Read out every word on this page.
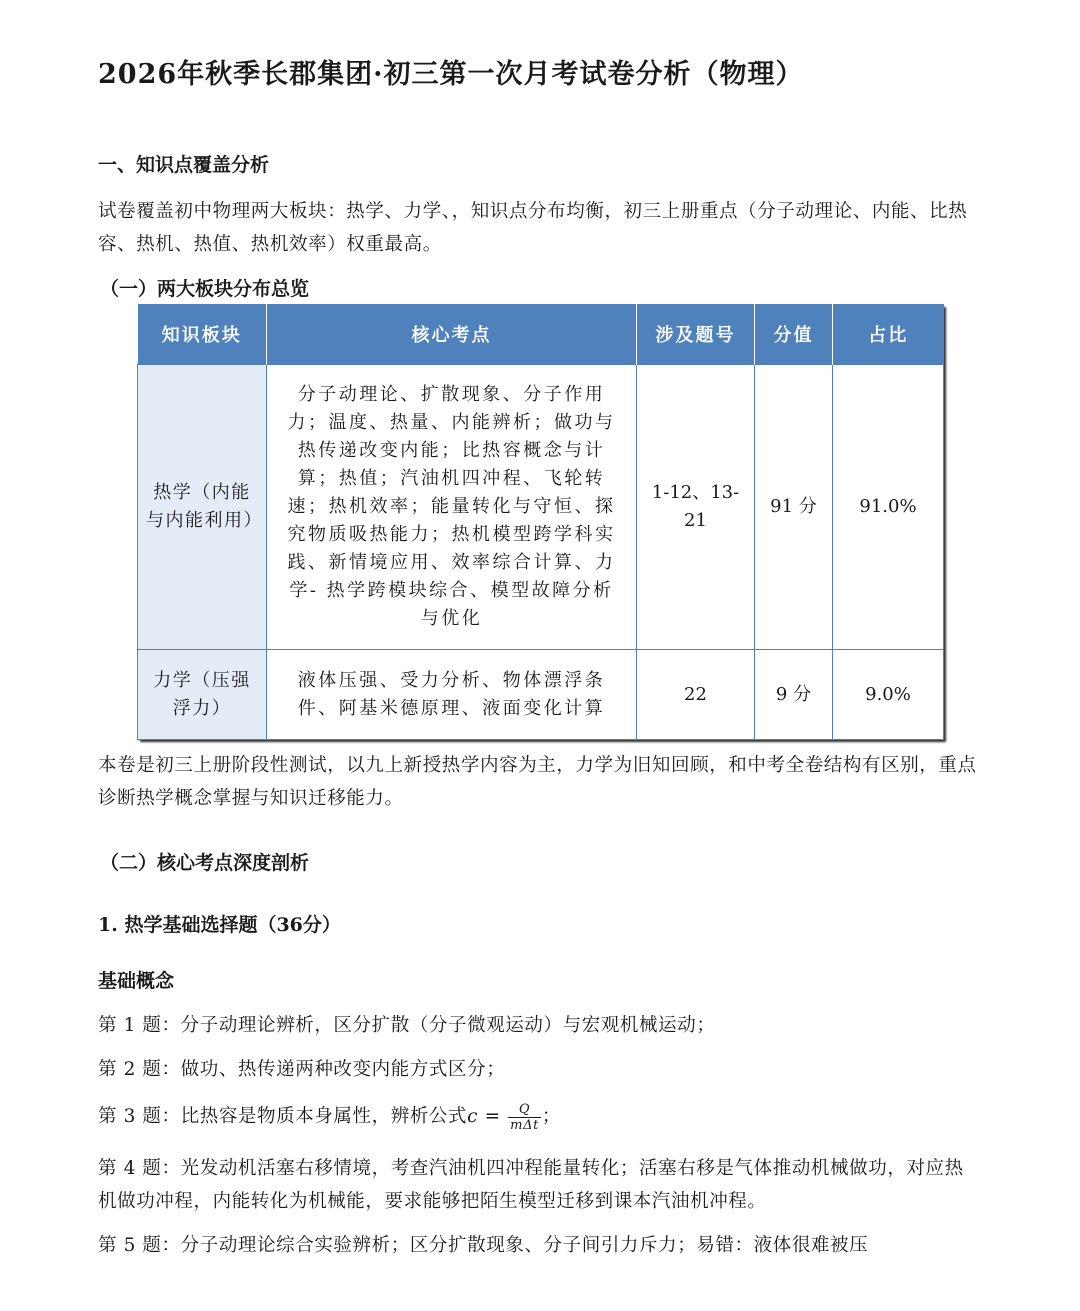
2026年秋季长郡集团·初三第一次月考试卷分析（物理）
一、知识点覆盖分析
试卷覆盖初中物理两大板块：热学、力学、，知识点分布均衡，初三上册重点（分子动理论、内能、比热容、热机、热值、热机效率）权重最高。
（一）两大板块分布总览
知识板块	核心考点	涉及题号	分值	占比
热学（内能与内能利用）	分子动理论、扩散现象、分子作用力；温度、热量、内能辨析；做功与热传递改变内能；比热容概念与计算；热值；汽油机四冲程、飞轮转速；热机效率；能量转化与守恒、探究物质吸热能力；热机模型跨学科实践、新情境应用、效率综合计算、力学- 热学跨模块综合、模型故障分析与优化	1-12、13-21	91 分	91.0%
力学（压强浮力）	液体压强、受力分析、物体漂浮条件、阿基米德原理、液面变化计算	22	9 分	9.0%
本卷是初三上册阶段性测试，以九上新授热学内容为主，力学为旧知回顾，和中考全卷结构有区别，重点诊断热学概念掌握与知识迁移能力。
（二）核心考点深度剖析
1. 热学基础选择题（36分）
基础概念
第 1 题：分子动理论辨析，区分扩散（分子微观运动）与宏观机械运动；
第 2 题：做功、热传递两种改变内能方式区分；
第 3 题：比热容是物质本身属性，辨析公式$c = \frac{Q}{\text{mΔt}}$ ；
第 4 题：光发动机活塞右移情境，考查汽油机四冲程能量转化；活塞右移是气体推动机械做功，对应热机做功冲程，内能转化为机械能，要求能够把陌生模型迁移到课本汽油机冲程。
第 5 题：分子动理论综合实验辨析；区分扩散现象、分子间引力斥力；易错：液体很难被压
